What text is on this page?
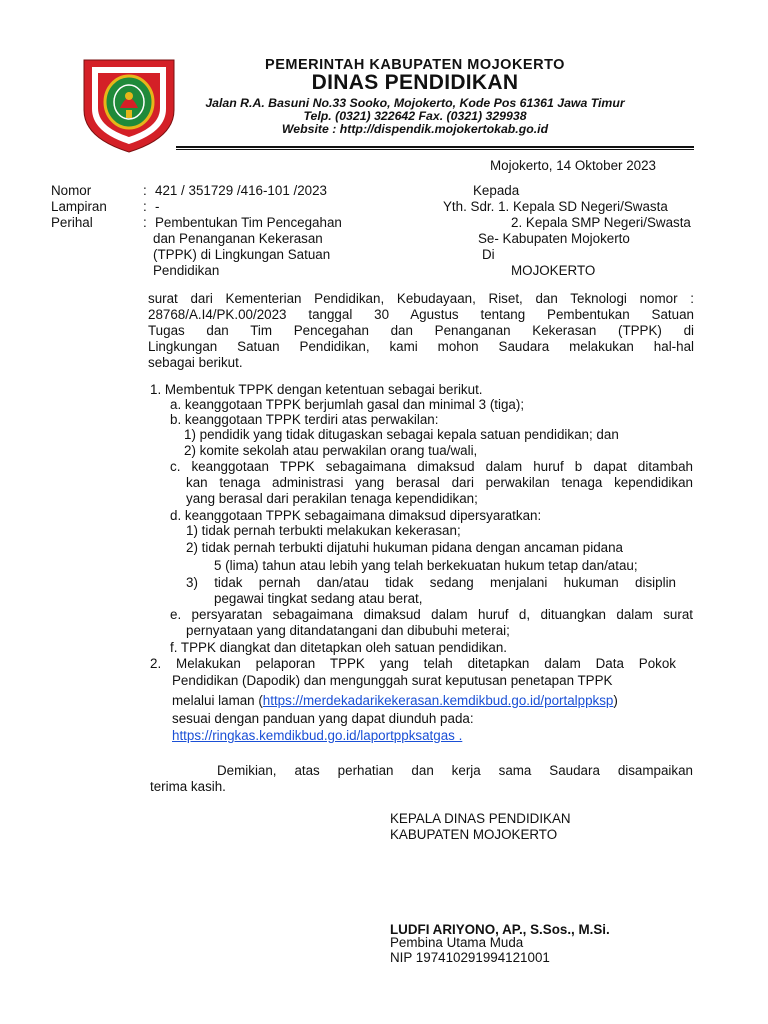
PEMERINTAH KABUPATEN MOJOKERTO
DINAS PENDIDIKAN
Jalan R.A. Basuni No.33 Sooko, Mojokerto, Kode Pos 61361 Jawa Timur
Telp. (0321) 322642 Fax. (0321) 329938
Website : http://dispendik.mojokertokab.go.id
Mojokerto, 14 Oktober 2023
Nomor	: 421 / 351729 /416-101 /2023
Lampiran	: -
Perihal	: Pembentukan Tim Pencegahan
dan Penanganan Kekerasan
(TPPK) di Lingkungan Satuan
Pendidikan
Kepada
Yth. Sdr. 1. Kepala SD Negeri/Swasta
2. Kepala SMP Negeri/Swasta
Se- Kabupaten Mojokerto
Di
MOJOKERTO
surat dari Kementerian Pendidikan, Kebudayaan, Riset, dan Teknologi nomor :
28768/A.I4/PK.00/2023 tanggal 30 Agustus tentang Pembentukan Satuan
Tugas dan Tim Pencegahan dan Penanganan Kekerasan (TPPK) di
Lingkungan Satuan Pendidikan, kami mohon Saudara melakukan hal-hal
sebagai berikut.
1. Membentuk TPPK dengan ketentuan sebagai berikut.
a. keanggotaan TPPK berjumlah gasal dan minimal 3 (tiga);
b. keanggotaan TPPK terdiri atas perwakilan:
1) pendidik yang tidak ditugaskan sebagai kepala satuan pendidikan; dan
2) komite sekolah atau perwakilan orang tua/wali,
c. keanggotaan TPPK sebagaimana dimaksud dalam huruf b dapat ditambah
kan tenaga administrasi yang berasal dari perwakilan tenaga kependidikan
yang berasal dari perakilan tenaga kependidikan;
d. keanggotaan TPPK sebagaimana dimaksud dipersyaratkan:
1) tidak pernah terbukti melakukan kekerasan;
2) tidak pernah terbukti dijatuhi hukuman pidana dengan ancaman pidana
5 (lima) tahun atau lebih yang telah berkekuatan hukum tetap dan/atau;
3) tidak pernah dan/atau tidak sedang menjalani hukuman disiplin
pegawai tingkat sedang atau berat,
e. persyaratan sebagaimana dimaksud dalam huruf d, dituangkan dalam surat
pernyataan yang ditandatangani dan dibubuhi meterai;
f. TPPK diangkat dan ditetapkan oleh satuan pendidikan.
2. Melakukan pelaporan TPPK yang telah ditetapkan dalam Data Pokok
Pendidikan (Dapodik) dan mengunggah surat keputusan penetapan TPPK
melalui laman (https://merdekadarikekerasan.kemdikbud.go.id/portalppksp)
sesuai dengan panduan yang dapat diunduh pada:
https://ringkas.kemdikbud.go.id/laportppksatgas .
Demikian, atas perhatian dan kerja sama Saudara disampaikan
terima kasih.
KEPALA DINAS PENDIDIKAN
KABUPATEN MOJOKERTO
LUDFI ARIYONO, AP., S.Sos., M.Si.
Pembina Utama Muda
NIP 197410291994121001
